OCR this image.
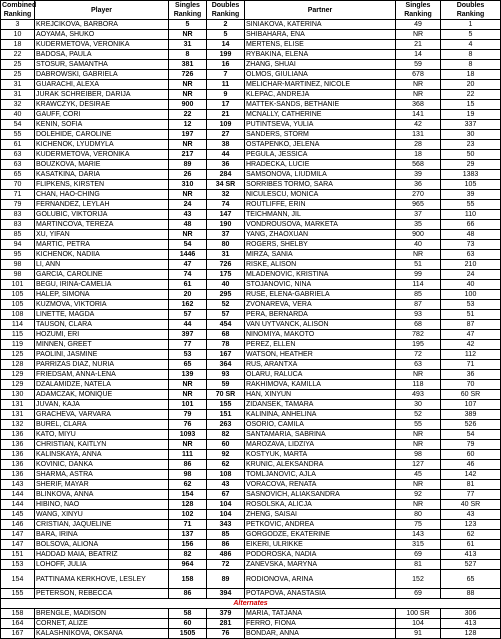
Combined Ranking	Player	Singles Ranking	Doubles Ranking	Partner	Singles Ranking	Doubles Ranking
3	KREJCIKOVA, BARBORA	5	2	SINIAKOVA, KATERINA	49	1
10	AOYAMA, SHUKO	NR	5	SHIBAHARA, ENA	NR	5
18	KUDERMETOVA, VERONIKA	31	14	MERTENS, ELISE	21	4
22	BADOSA, PAULA	8	199	RYBAKINA, ELENA	14	8
25	STOSUR, SAMANTHA	381	16	ZHANG, SHUAI	59	8
25	DABROWSKI, GABRIELA	726	7	OLMOS, GIULIANA	678	18
31	GUARACHI, ALEXA	NR	11	MELICHAR-MARTINEZ, NICOLE	NR	20
31	JURAK SCHREIBER, DARIJA	NR	9	KLEPAC, ANDREJA	NR	22
32	KRAWCZYK, DESIRAE	900	17	MATTEK-SANDS, BETHANIE	368	15
40	GAUFF, CORI	22	21	MCNALLY, CATHERINE	141	19
54	KENIN, SOFIA	12	109	PUTINTSEVA, YULIA	42	337
55	DOLEHIDE, CAROLINE	197	27	SANDERS, STORM	131	30
61	KICHENOK, LYUDMYLA	NR	38	OSTAPENKO, JELENA	28	23
63	KUDERMETOVA, VERONIKA	217	44	PEGULA, JESSICA	18	50
63	BOUZKOVA, MARIE	89	36	HRADECKA, LUCIE	568	29
65	KASATKINA, DARIA	26	284	SAMSONOVA, LIUDMILA	39	1383
70	FLIPKENS, KIRSTEN	310	34 SR	SORRIBES TORMO, SARA	36	105
71	CHAN, HAO-CHING	NR	32	NICULESCU, MONICA	270	39
79	FERNANDEZ, LEYLAH	24	74	ROUTLIFFE, ERIN	965	55
83	GOLUBIC, VIKTORIJA	43	147	TEICHMANN, JIL	37	110
83	MARTINCOVA, TEREZA	48	190	VONDROUSOVA, MARKETA	35	66
85	XU, YIFAN	NR	37	YANG, ZHAOXUAN	900	48
94	MARTIC, PETRA	54	80	ROGERS, SHELBY	40	73
95	KICHENOK, NADIIA	1446	31	MIRZA, SANIA	NR	63
98	LI, ANN	47	726	RISKE, ALISON	51	210
98	GARCIA, CAROLINE	74	175	MLADENOVIC, KRISTINA	99	24
101	BEGU, IRINA-CAMELIA	61	40	STOJANOVIC, NINA	114	40
105	HALEP, SIMONA	20	295	RUSE, ELENA-GABRIELA	85	100
105	KUZMOVA, VIKTORIA	162	52	ZVONAREVA, VERA	87	53
108	LINETTE, MAGDA	57	57	PERA, BERNARDA	93	51
114	TAUSON, CLARA	44	454	VAN UYTVANCK, ALISON	68	87
115	HOZUMI, ERI	397	68	NINOMIYA, MAKOTO	782	47
119	MINNEN, GREET	77	78	PEREZ, ELLEN	195	42
125	PAOLINI, JASMINE	53	167	WATSON, HEATHER	72	112
128	PARRIZAS DIAZ, NURIA	65	364	RUS, ARANTXA	63	71
129	FRIEDSAM, ANNA-LENA	139	93	OLARU, RALUCA	NR	36
129	DZALAMIDZE, NATELA	NR	59	RAKHIMOVA, KAMILLA	118	70
130	ADAMCZAK, MONIQUE	NR	70 SR	HAN, XINYUN	493	60 SR
131	JUVAN, KAJA	101	155	ZIDANSEK, TAMARA	30	107
131	GRACHEVA, VARVARA	79	151	KALININA, ANHELINA	52	389
132	BUREL, CLARA	76	263	OSORIO, CAMILA	55	526
136	KATO, MIYU	1093	82	SANTAMARIA, SABRINA	NR	54
136	CHRISTIAN, KAITLYN	NR	60	MAROZAVA, LIDZIYA	NR	79
136	KALINSKAYA, ANNA	111	92	KOSTYUK, MARTA	98	60
136	KOVINIC, DANKA	86	62	KRUNIC, ALEKSANDRA	127	46
136	SHARMA, ASTRA	98	108	TOMLJANOVIC, AJLA	45	142
143	SHERIF, MAYAR	62	43	VORACOVA, RENATA	NR	81
144	BLINKOVA, ANNA	154	67	SASNOVICH, ALIAKSANDRA	92	77
144	HIBINO, NAO	128	104	ROSOLSKA, ALICJA	NR	40 SR
145	WANG, XINYU	102	104	ZHENG, SAISAI	80	43
146	CRISTIAN, JAQUELINE	71	343	PETKOVIC, ANDREA	75	123
147	BARA, IRINA	137	85	GORGODZE, EKATERINE	143	62
147	BOLSOVA, ALIONA	156	86	EIKERI, ULRIKKE	315	61
151	HADDAD MAIA, BEATRIZ	82	486	PODOROSKA, NADIA	69	413
153	LOHOFF, JULIA	964	72	ZANEVSKA, MARYNA	81	527
154	PATTINAMA KERKHOVE, LESLEY	158	89	RODIONOVA, ARINA	152	65
155	PETERSON, REBECCA	86	394	POTAPOVA, ANASTASIA	69	88
Alternates						
158	BRENGLE, MADISON	58	379	MARIA, TATJANA	100 SR	306
164	CORNET, ALIZE	60	281	FERRO, FIONA	104	413
167	KALASHNIKOVA, OKSANA	1505	76	BONDAR, ANNA	91	128
